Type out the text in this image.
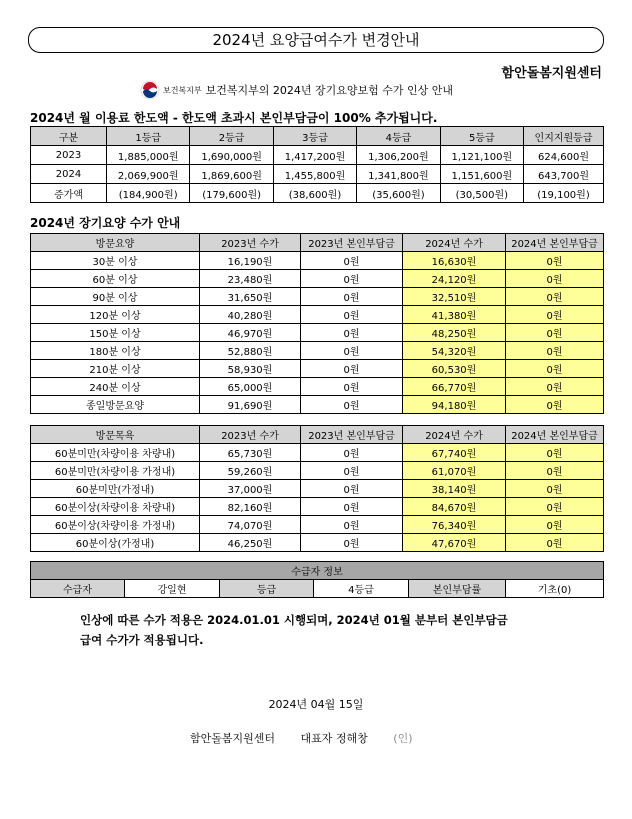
2024년 요양급여수가 변경안내
함안돌봄지원센터
보건복지부 보건복지부의 2024년 장기요양보험 수가 인상 안내
2024년 월 이용료 한도액 - 한도액 초과시 본인부담금이 100% 추가됩니다.
구분	1등급	2등급	3등급	4등급	5등급	인지지원등급
2023	1,885,000원	1,690,000원	1,417,200원	1,306,200원	1,121,100원	624,600원
2024	2,069,900원	1,869,600원	1,455,800원	1,341,800원	1,151,600원	643,700원
증가액	(184,900원)	(179,600원)	(38,600원)	(35,600원)	(30,500원)	(19,100원)
2024년 장기요양 수가 안내
방문요양	2023년 수가	2023년 본인부담금	2024년 수가	2024년 본인부담금
30분 이상	16,190원	0원	16,630원	0원
60분 이상	23,480원	0원	24,120원	0원
90분 이상	31,650원	0원	32,510원	0원
120분 이상	40,280원	0원	41,380원	0원
150분 이상	46,970원	0원	48,250원	0원
180분 이상	52,880원	0원	54,320원	0원
210분 이상	58,930원	0원	60,530원	0원
240분 이상	65,000원	0원	66,770원	0원
종일방문요양	91,690원	0원	94,180원	0원
방문목욕	2023년 수가	2023년 본인부담금	2024년 수가	2024년 본인부담금
60분미만(차량이용 차량내)	65,730원	0원	67,740원	0원
60분미만(차량이용 가정내)	59,260원	0원	61,070원	0원
60분미만(가정내)	37,000원	0원	38,140원	0원
60분이상(차량이용 차량내)	82,160원	0원	84,670원	0원
60분이상(차량이용 가정내)	74,070원	0원	76,340원	0원
60분이상(가정내)	46,250원	0원	47,670원	0원
수급자 정보
수급자	강일현	등급	4등급	본인부담률	기초(0)
인상에 따른 수가 적용은 2024.01.01 시행되며, 2024년 01월 분부터 본인부담금
급여 수가가 적용됩니다.
2024년 04월 15일
함안돌봄지원센터 대표자 정해창 (인)
